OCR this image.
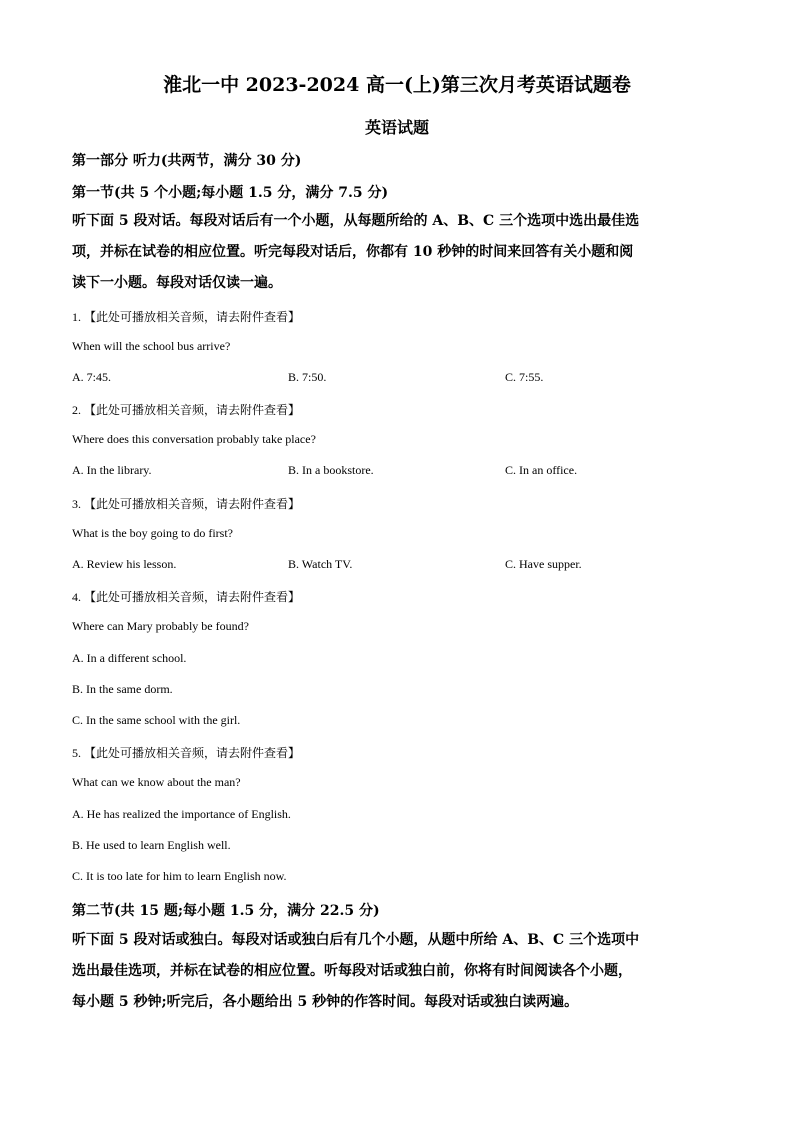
淮北一中 2023-2024 高一(上)第三次月考英语试题卷
英语试题
第一部分 听力(共两节，满分 30 分)
第一节(共 5 个小题;每小题 1.5 分，满分 7.5 分)
听下面 5 段对话。每段对话后有一个小题，从每题所给的 A、B、C 三个选项中选出最佳选
项，并标在试卷的相应位置。听完每段对话后，你都有 10 秒钟的时间来回答有关小题和阅
读下一小题。每段对话仅读一遍。
1. 【此处可播放相关音频，请去附件查看】
When will the school bus arrive?
A. 7:45.	B. 7:50.	C. 7:55.
2. 【此处可播放相关音频，请去附件查看】
Where does this conversation probably take place?
A. In the library.	B. In a bookstore.	C. In an office.
3. 【此处可播放相关音频，请去附件查看】
What is the boy going to do first?
A. Review his lesson.	B. Watch TV.	C. Have supper.
4. 【此处可播放相关音频，请去附件查看】
Where can Mary probably be found?
A. In a different school.
B. In the same dorm.
C. In the same school with the girl.
5. 【此处可播放相关音频，请去附件查看】
What can we know about the man?
A. He has realized the importance of English.
B. He used to learn English well.
C. It is too late for him to learn English now.
第二节(共 15 题;每小题 1.5 分，满分 22.5 分)
听下面 5 段对话或独白。每段对话或独白后有几个小题，从题中所给 A、B、C 三个选项中
选出最佳选项，并标在试卷的相应位置。听每段对话或独白前，你将有时间阅读各个小题，
每小题 5 秒钟;听完后，各小题给出 5 秒钟的作答时间。每段对话或独白读两遍。
